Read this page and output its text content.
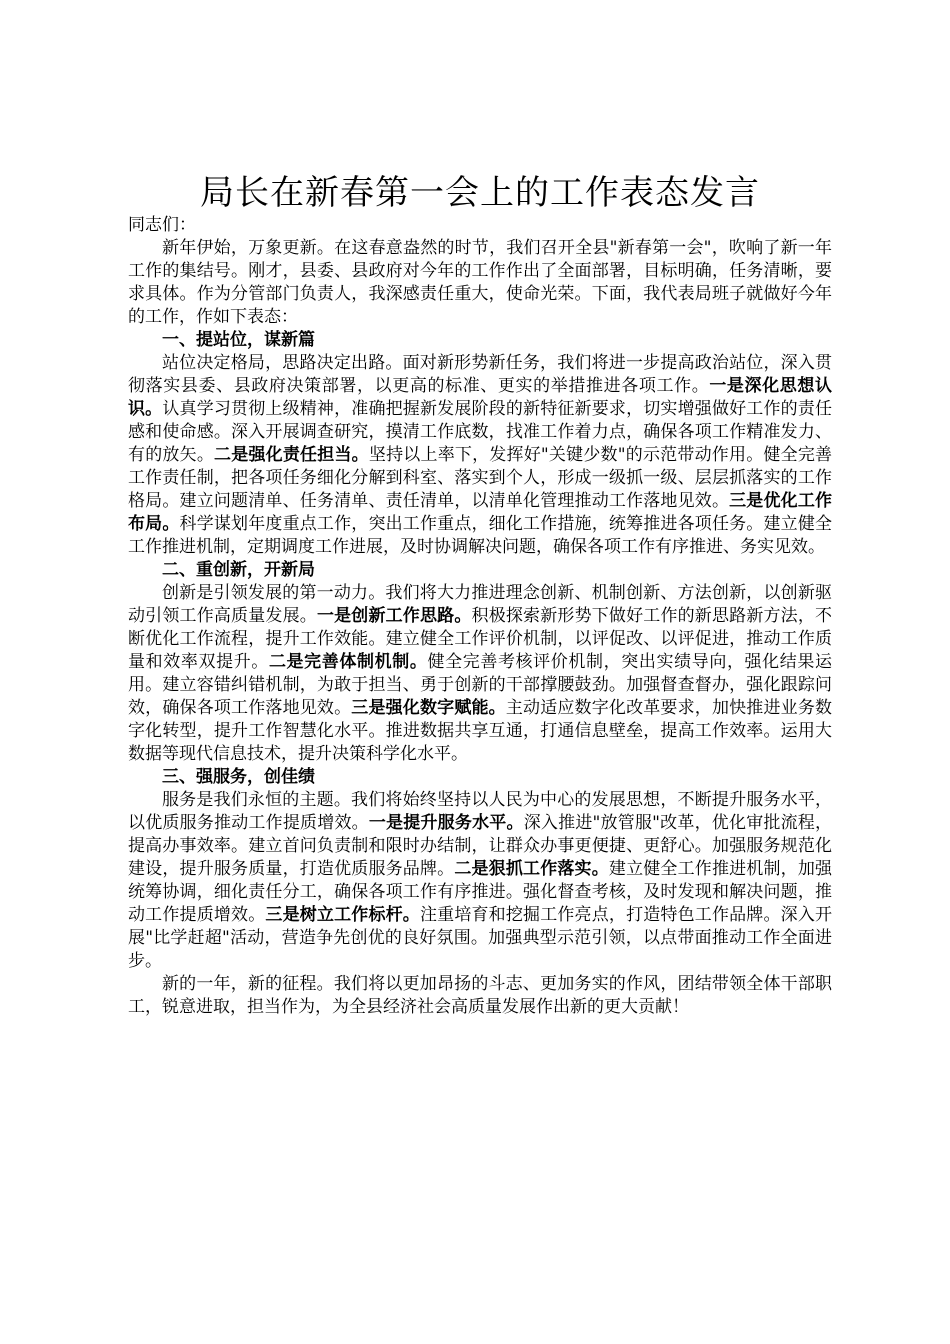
局长在新春第一会上的工作表态发言

同志们：

新年伊始，万象更新。在这春意盎然的时节，我们召开全县"新春第一会"，吹响了新一年工作的集结号。刚才，县委、县政府对今年的工作作出了全面部署，目标明确，任务清晰，要求具体。作为分管部门负责人，我深感责任重大，使命光荣。下面，我代表局班子就做好今年的工作，作如下表态：

一、提站位，谋新篇

站位决定格局，思路决定出路。面对新形势新任务，我们将进一步提高政治站位，深入贯彻落实县委、县政府决策部署，以更高的标准、更实的举措推进各项工作。一是深化思想认识。认真学习贯彻上级精神，准确把握新发展阶段的新特征新要求，切实增强做好工作的责任感和使命感。深入开展调查研究，摸清工作底数，找准工作着力点，确保各项工作精准发力、有的放矢。二是强化责任担当。坚持以上率下，发挥好"关键少数"的示范带动作用。健全完善工作责任制，把各项任务细化分解到科室、落实到个人，形成一级抓一级、层层抓落实的工作格局。建立问题清单、任务清单、责任清单，以清单化管理推动工作落地见效。三是优化工作布局。科学谋划年度重点工作，突出工作重点，细化工作措施，统筹推进各项任务。建立健全工作推进机制，定期调度工作进展，及时协调解决问题，确保各项工作有序推进、务实见效。

二、重创新，开新局

创新是引领发展的第一动力。我们将大力推进理念创新、机制创新、方法创新，以创新驱动引领工作高质量发展。一是创新工作思路。积极探索新形势下做好工作的新思路新方法，不断优化工作流程，提升工作效能。建立健全工作评价机制，以评促改、以评促进，推动工作质量和效率双提升。二是完善体制机制。健全完善考核评价机制，突出实绩导向，强化结果运用。建立容错纠错机制，为敢于担当、勇于创新的干部撑腰鼓劲。加强督查督办，强化跟踪问效，确保各项工作落地见效。三是强化数字赋能。主动适应数字化改革要求，加快推进业务数字化转型，提升工作智慧化水平。推进数据共享互通，打通信息壁垒，提高工作效率。运用大数据等现代信息技术，提升决策科学化水平。

三、强服务，创佳绩

服务是我们永恒的主题。我们将始终坚持以人民为中心的发展思想，不断提升服务水平，以优质服务推动工作提质增效。一是提升服务水平。深入推进"放管服"改革，优化审批流程，提高办事效率。建立首问负责制和限时办结制，让群众办事更便捷、更舒心。加强服务规范化建设，提升服务质量，打造优质服务品牌。二是狠抓工作落实。建立健全工作推进机制，加强统筹协调，细化责任分工，确保各项工作有序推进。强化督查考核，及时发现和解决问题，推动工作提质增效。三是树立工作标杆。注重培育和挖掘工作亮点，打造特色工作品牌。深入开展"比学赶超"活动，营造争先创优的良好氛围。加强典型示范引领，以点带面推动工作全面进步。

新的一年，新的征程。我们将以更加昂扬的斗志、更加务实的作风，团结带领全体干部职工，锐意进取，担当作为，为全县经济社会高质量发展作出新的更大贡献！
